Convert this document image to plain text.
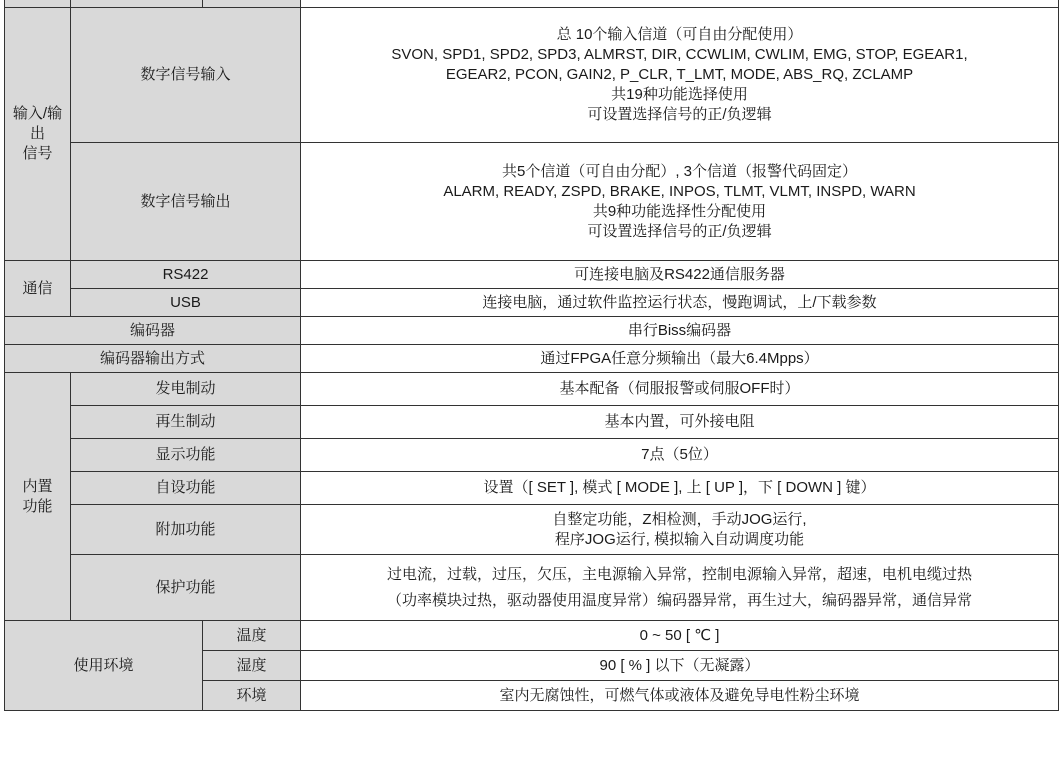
输入/输出
信号	数字信号输入		总 10个输入信道（可自由分配使用）
SVON, SPD1, SPD2, SPD3, ALMRST, DIR, CCWLIM, CWLIM, EMG, STOP, EGEAR1,
EGEAR2, PCON, GAIN2, P_CLR, T_LMT, MODE, ABS_RQ, ZCLAMP
共19种功能选择使用
可设置选择信号的正/负逻辑

	数字信号输出		共5个信道（可自由分配）, 3个信道（报警代码固定）
ALARM, READY, ZSPD, BRAKE, INPOS, TLMT, VLMT, INSPD, WARN
共9种功能选择性分配使用
可设置选择信号的正/负逻辑

通信	RS422		可连接电脑及RS422通信服务器
	USB		连接电脑，通过软件监控运行状态，慢跑调试，上/下载参数
编码器			串行Biss编码器
编码器输出方式			通过FPGA任意分频输出（最大6.4Mpps）

内置
功能	发电制动		基本配备（伺服报警或伺服OFF时）
	再生制动		基本内置，可外接电阻
	显示功能		7点（5位）
	自设功能		设置（[ SET ], 模式 [ MODE ], 上 [ UP ]，下 [ DOWN ] 键）
	附加功能		自整定功能，Z相检测，手动JOG运行,
程序JOG运行, 模拟输入自动调度功能

	保护功能		过电流，过载，过压，欠压，主电源输入异常，控制电源输入异常，超速，电机电缆过热
（功率模块过热，驱动器使用温度异常）编码器异常，再生过大，编码器异常，通信异常

使用环境		温度	0 ~ 50 [ ℃ ]
		湿度	90 [ % ] 以下（无凝露）
		环境	室内无腐蚀性，可燃气体或液体及避免导电性粉尘环境
